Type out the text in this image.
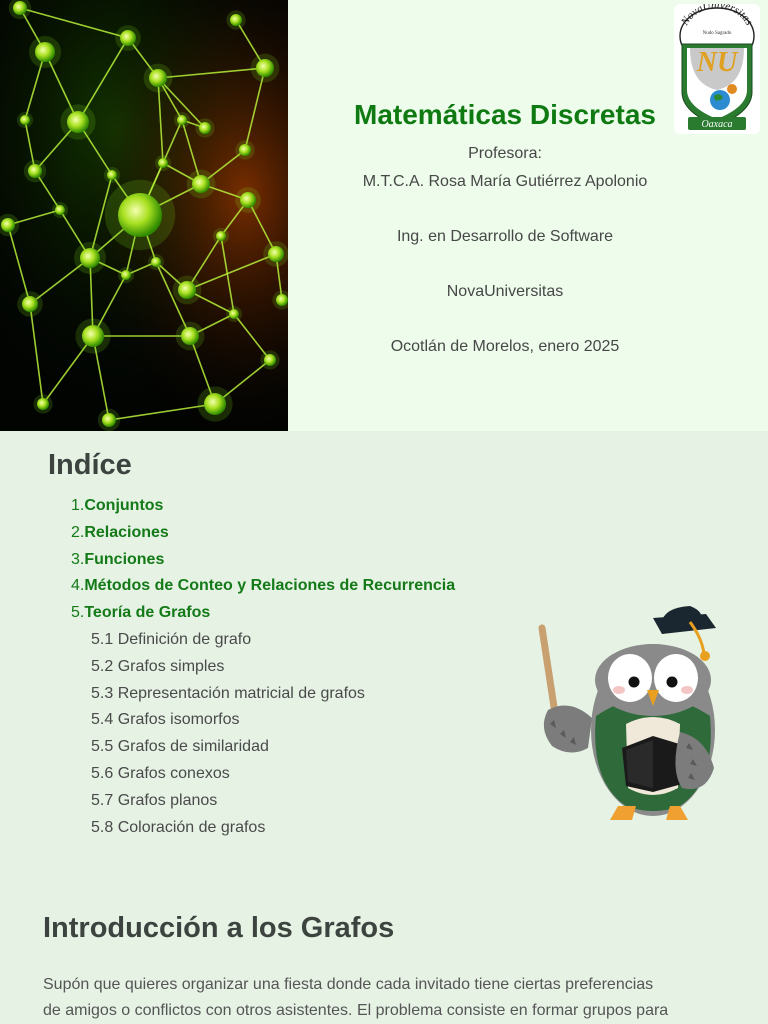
NovaUniversitas
Nudo Sagrado
NU
Oaxaca
Matemáticas Discretas
Profesora:
M.T.C.A. Rosa María Gutiérrez Apolonio
Ing. en Desarrollo de Software
NovaUniversitas
Ocotlán de Morelos, enero 2025
Indíce
1.Conjuntos
2.Relaciones
3.Funciones
4.Métodos de Conteo y Relaciones de Recurrencia
5.Teoría de Grafos
5.1 Definición de grafo
5.2 Grafos simples
5.3 Representación matricial de grafos
5.4 Grafos isomorfos
5.5 Grafos de similaridad
5.6 Grafos conexos
5.7 Grafos planos
5.8 Coloración de grafos
Introducción a los Grafos
Supón que quieres organizar una fiesta donde cada invitado tiene ciertas preferencias
de amigos o conflictos con otros asistentes. El problema consiste en formar grupos para
